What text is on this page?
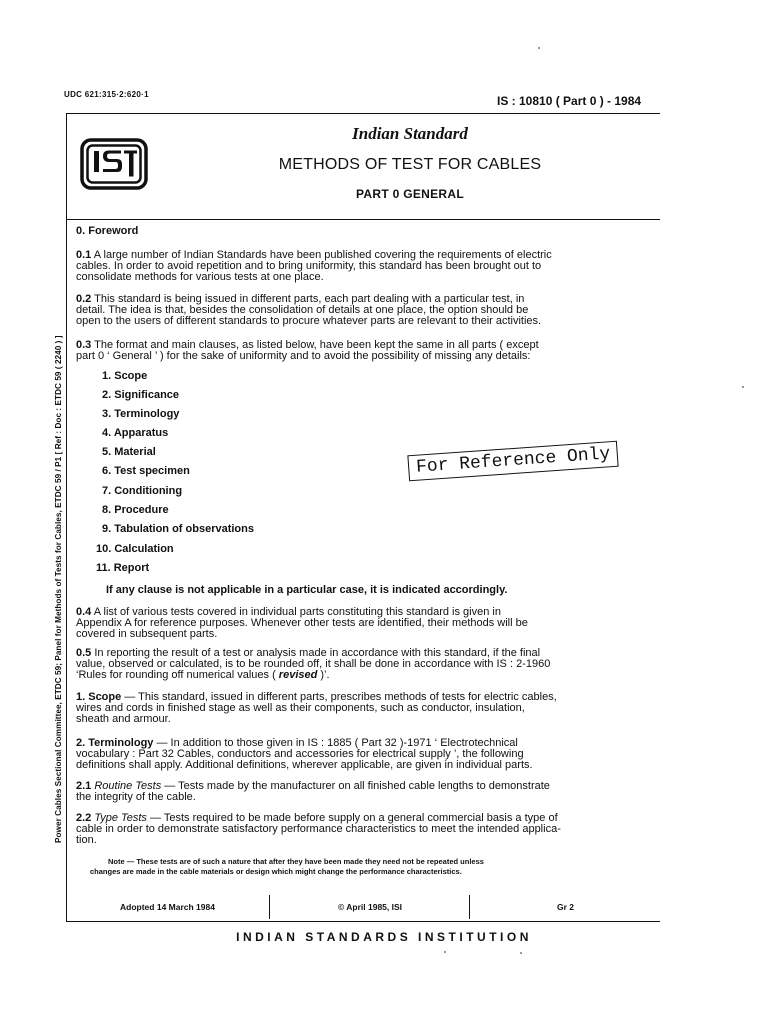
UDC 621:315·2:620·1	IS : 10810 ( Part 0 ) - 1984
Indian Standard
METHODS OF TEST FOR CABLES
PART 0 GENERAL
Power Cables Sectional Committee, ETDC 59; Panel for Methods of Tests for Cables, ETDC 59 / P1 [ Ref : Doc : ETDC 59 ( 2240 ) ]
0. Foreword
0.1 A large number of Indian Standards have been published covering the requirements of electric
cables. In order to avoid repetition and to bring uniformity, this standard has been brought out to
consolidate methods for various tests at one place.
0.2 This standard is being issued in different parts, each part dealing with a particular test, in
detail. The idea is that, besides the consolidation of details at one place, the option should be
open to the users of different standards to procure whatever parts are relevant to their activities.
0.3 The format and main clauses, as listed below, have been kept the same in all parts ( except
part 0 ‘ General ’ ) for the sake of uniformity and to avoid the possibility of missing any details:
1. Scope
2. Significance
3. Terminology
4. Apparatus
5. Material
6. Test specimen
7. Conditioning
8. Procedure
9. Tabulation of observations
10. Calculation
11. Report
If any clause is not applicable in a particular case, it is indicated accordingly.
For Reference Only
0.4 A list of various tests covered in individual parts constituting this standard is given in
Appendix A for reference purposes. Whenever other tests are identified, their methods will be
covered in subsequent parts.
0.5 In reporting the result of a test or analysis made in accordance with this standard, if the final
value, observed or calculated, is to be rounded off, it shall be done in accordance with IS : 2-1960
‘Rules for rounding off numerical values ( revised )’.
1. Scope — This standard, issued in different parts, prescribes methods of tests for electric cables,
wires and cords in finished stage as well as their components, such as conductor, insulation,
sheath and armour.
2. Terminology — In addition to those given in IS : 1885 ( Part 32 )-1971 ‘ Electrotechnical
vocabulary : Part 32 Cables, conductors and accessories for electrical supply ’, the following
definitions shall apply. Additional definitions, wherever applicable, are given in individual parts.
2.1 Routine Tests — Tests made by the manufacturer on all finished cable lengths to demonstrate
the integrity of the cable.
2.2 Type Tests — Tests required to be made before supply on a general commercial basis a type of
cable in order to demonstrate satisfactory performance characteristics to meet the intended applica-
tion.
Note — These tests are of such a nature that after they have been made they need not be repeated unless
changes are made in the cable materials or design which might change the performance characteristics.
Adopted 14 March 1984	© April 1985, ISI	Gr 2
INDIAN STANDARDS INSTITUTION
